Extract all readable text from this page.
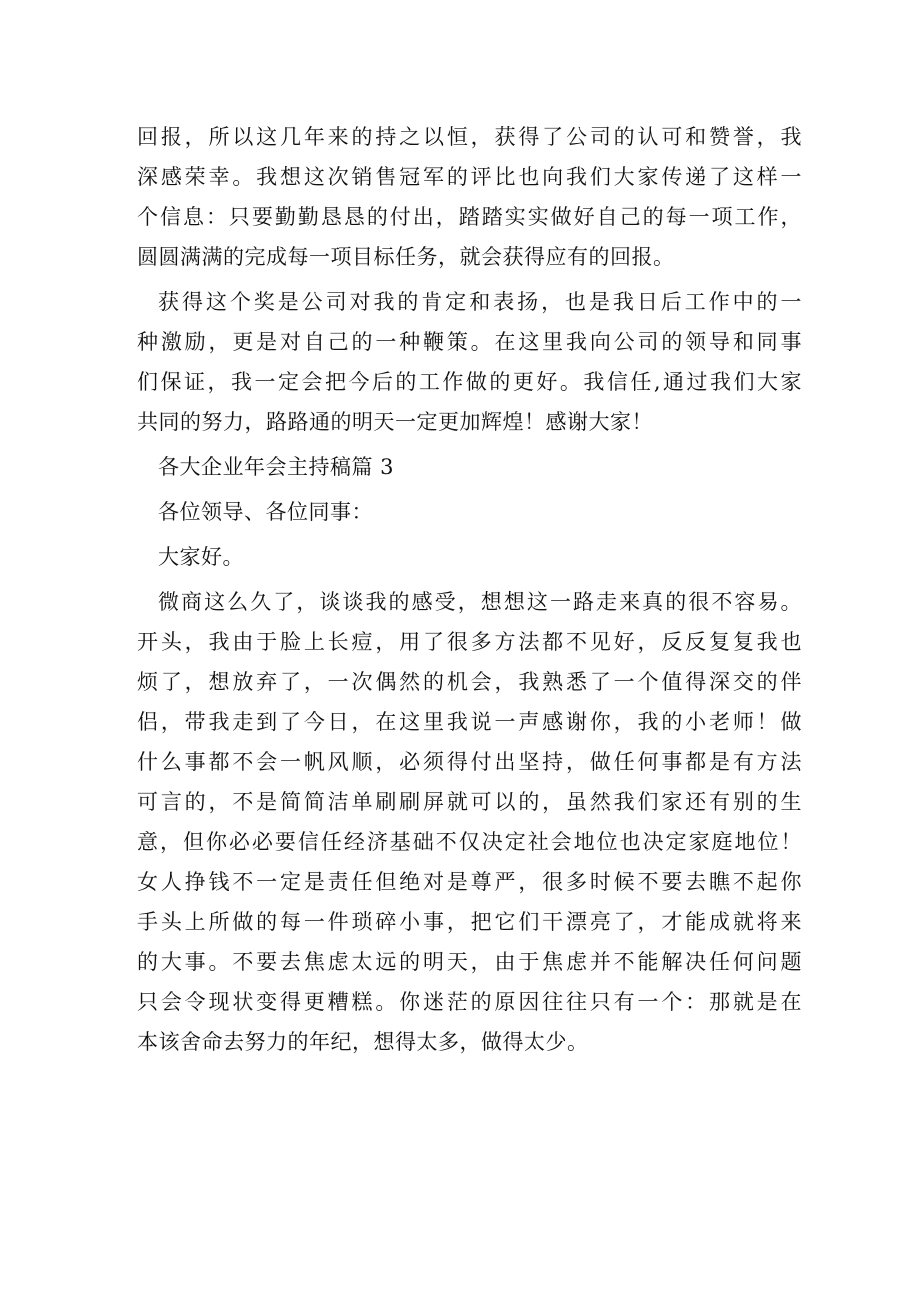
回报，所以这几年来的持之以恒，获得了公司的认可和赞誉，我
深感荣幸。我想这次销售冠军的评比也向我们大家传递了这样一
个信息：只要勤勤恳恳的付出，踏踏实实做好自己的每一项工作，
圆圆满满的完成每一项目标任务，就会获得应有的回报。
获得这个奖是公司对我的肯定和表扬，也是我日后工作中的一
种激励，更是对自己的一种鞭策。在这里我向公司的领导和同事
们保证，我一定会把今后的工作做的更好。我信任,通过我们大家
共同的努力，路路通的明天一定更加辉煌！感谢大家！
各大企业年会主持稿篇 3
各位领导、各位同事：
大家好。
微商这么久了，谈谈我的感受，想想这一路走来真的很不容易。
开头，我由于脸上长痘，用了很多方法都不见好，反反复复我也
烦了，想放弃了，一次偶然的机会，我熟悉了一个值得深交的伴
侣，带我走到了今日，在这里我说一声感谢你，我的小老师！做
什么事都不会一帆风顺，必须得付出坚持，做任何事都是有方法
可言的，不是简简洁单刷刷屏就可以的，虽然我们家还有别的生
意，但你必必要信任经济基础不仅决定社会地位也决定家庭地位！
女人挣钱不一定是责任但绝对是尊严，很多时候不要去瞧不起你
手头上所做的每一件琐碎小事，把它们干漂亮了，才能成就将来
的大事。不要去焦虑太远的明天，由于焦虑并不能解决任何问题
只会令现状变得更糟糕。你迷茫的原因往往只有一个：那就是在
本该舍命去努力的年纪，想得太多，做得太少。
